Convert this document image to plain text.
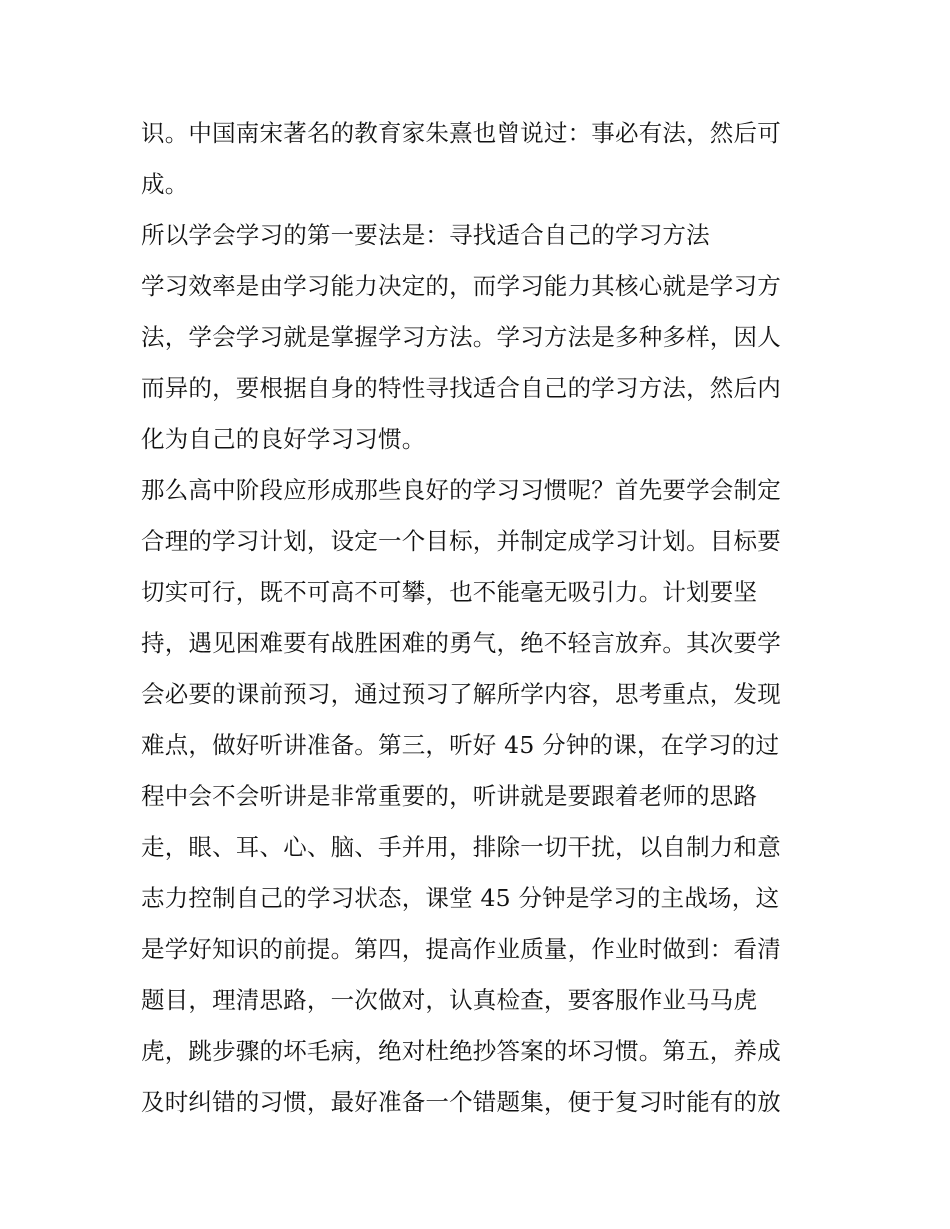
识。中国南宋著名的教育家朱熹也曾说过：事必有法，然后可
成。
所以学会学习的第一要法是：寻找适合自己的学习方法
学习效率是由学习能力决定的，而学习能力其核心就是学习方
法，学会学习就是掌握学习方法。学习方法是多种多样，因人
而异的，要根据自身的特性寻找适合自己的学习方法，然后内
化为自己的良好学习习惯。
那么高中阶段应形成那些良好的学习习惯呢？首先要学会制定
合理的学习计划，设定一个目标，并制定成学习计划。目标要
切实可行，既不可高不可攀，也不能毫无吸引力。计划要坚
持，遇见困难要有战胜困难的勇气，绝不轻言放弃。其次要学
会必要的课前预习，通过预习了解所学内容，思考重点，发现
难点，做好听讲准备。第三，听好 45 分钟的课，在学习的过
程中会不会听讲是非常重要的，听讲就是要跟着老师的思路
走，眼、耳、心、脑、手并用，排除一切干扰，以自制力和意
志力控制自己的学习状态，课堂 45 分钟是学习的主战场，这
是学好知识的前提。第四，提高作业质量，作业时做到：看清
题目，理清思路，一次做对，认真检查，要客服作业马马虎
虎，跳步骤的坏毛病，绝对杜绝抄答案的坏习惯。第五，养成
及时纠错的习惯，最好准备一个错题集，便于复习时能有的放
